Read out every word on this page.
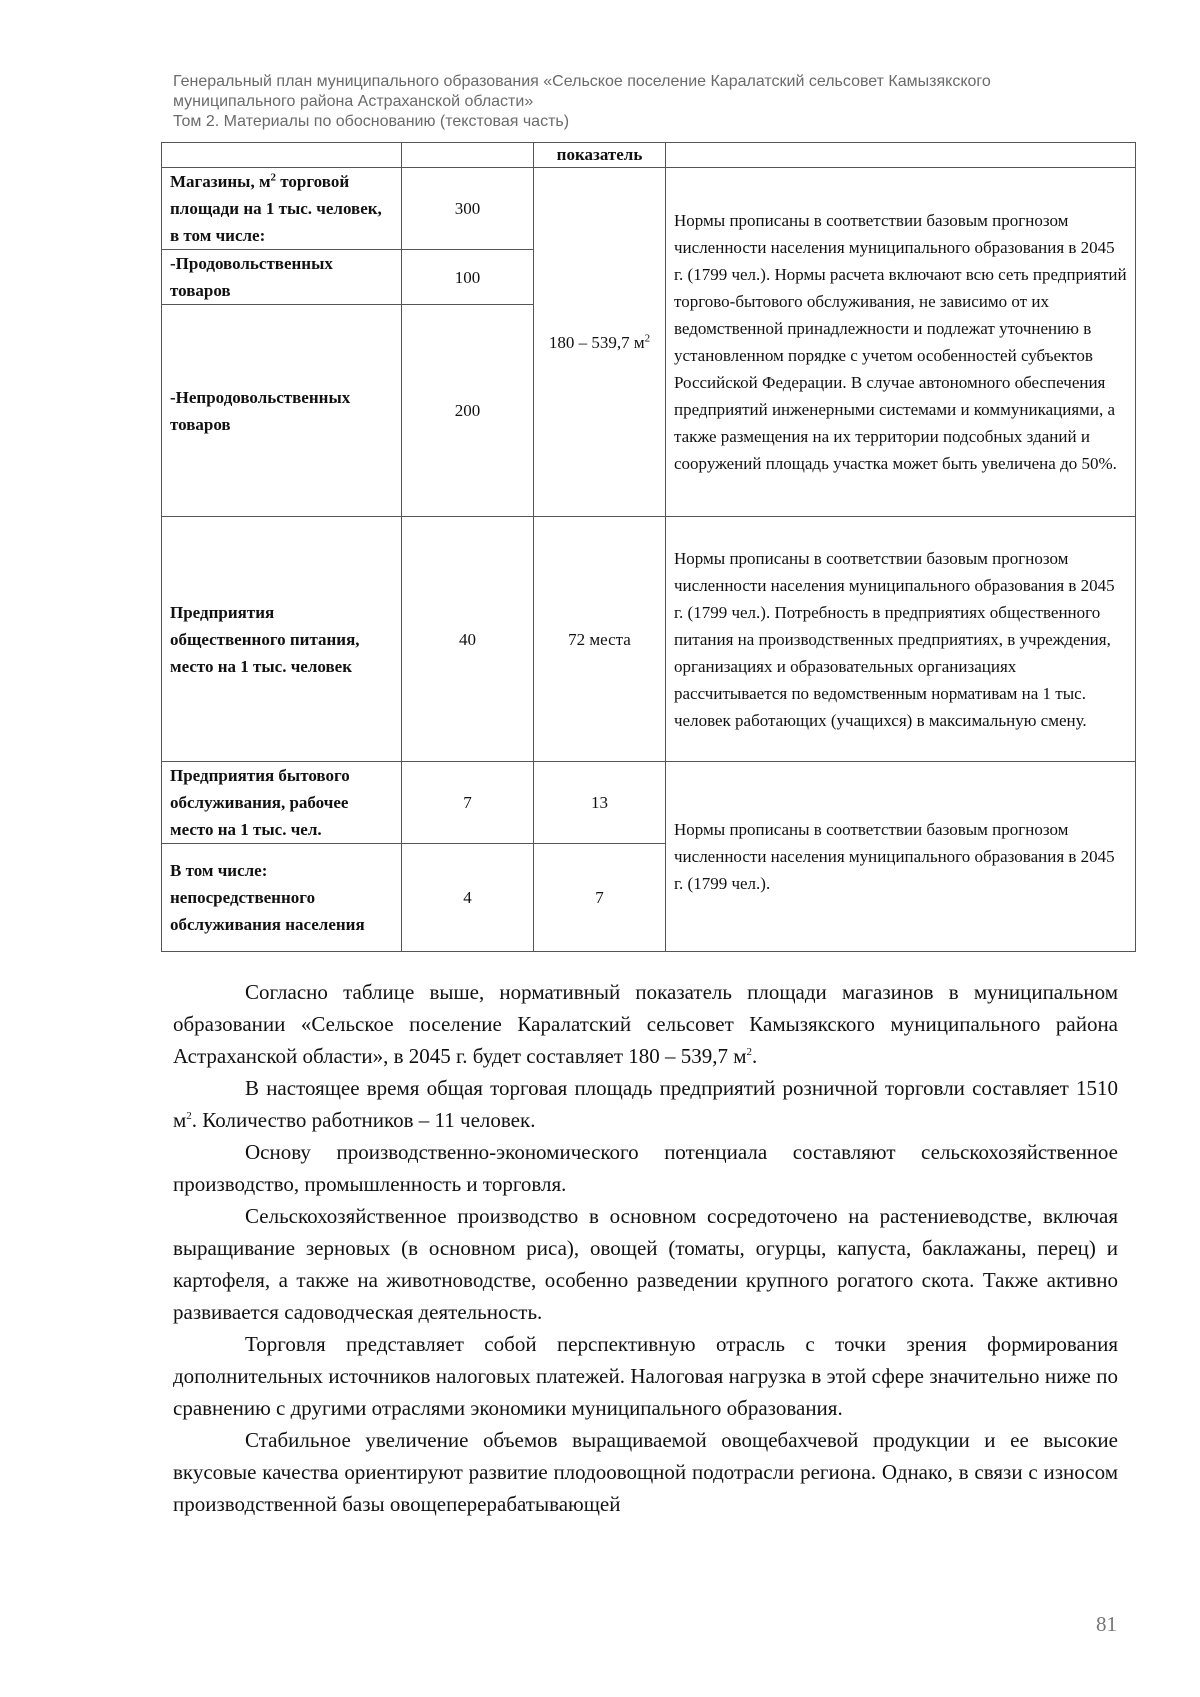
Генеральный план муниципального образования «Сельское поселение Каралатский сельсовет Камызякского
муниципального района Астраханской области»
Том 2. Материалы по обоснованию (текстовая часть)
		показатель	
Магазины, $м^2$ торговой площади на 1 тыс. человек, в том числе:	300	180 – 539,7 $м^2$	Нормы прописаны в соответствии базовым прогнозом численности населения муниципального образования в 2045 г. (1799 чел.). Нормы расчета включают всю сеть предприятий торгово-бытового обслуживания, не зависимо от их ведомственной принадлежности и подлежат уточнению в установленном порядке с учетом особенностей субъектов Российской Федерации. В случае автономного обеспечения предприятий инженерными системами и коммуникациями, а также размещения на их территории подсобных зданий и сооружений площадь участка может быть увеличена до 50%.

-Продовольственных товаров	100		
-Непродовольственных товаров	200		
Предприятия общественного питания, место на 1 тыс. человек	40	72 места	Нормы прописаны в соответствии базовым прогнозом численности населения муниципального образования в 2045 г. (1799 чел.). Потребность в предприятиях общественного питания на производственных предприятиях, в учреждения, организациях и образовательных организациях рассчитывается по ведомственным нормативам на 1 тыс. человек работающих (учащихся) в максимальную смену.

Предприятия бытового обслуживания, рабочее место на 1 тыс. чел.	7	13	Нормы прописаны в соответствии базовым прогнозом численности населения муниципального образования в 2045 г. (1799 чел.).

В том числе: непосредственного обслуживания населения	4	7	

Согласно таблице выше, нормативный показатель площади магазинов в муниципальном образовании «Сельское поселение Каралатский сельсовет Камызякского муниципального района Астраханской области», в 2045 г. будет составляет 180 – 539,7 $м^2$.

В настоящее время общая торговая площадь предприятий розничной торговли составляет 1510 $м^2$. Количество работников – 11 человек.

Основу производственно-экономического потенциала составляют сельскохозяйственное производство, промышленность и торговля.

Сельскохозяйственное производство в основном сосредоточено на растениеводстве, включая выращивание зерновых (в основном риса), овощей (томаты, огурцы, капуста, баклажаны, перец) и картофеля, а также на животноводстве, особенно разведении крупного рогатого скота. Также активно развивается садоводческая деятельность.

Торговля представляет собой перспективную отрасль с точки зрения формирования дополнительных источников налоговых платежей. Налоговая нагрузка в этой сфере значительно ниже по сравнению с другими отраслями экономики муниципального образования.

Стабильное увеличение объемов выращиваемой овощебахчевой продукции и ее высокие вкусовые качества ориентируют развитие плодоовощной подотрасли региона. Однако, в связи с износом производственной базы овощеперерабатывающей

81
